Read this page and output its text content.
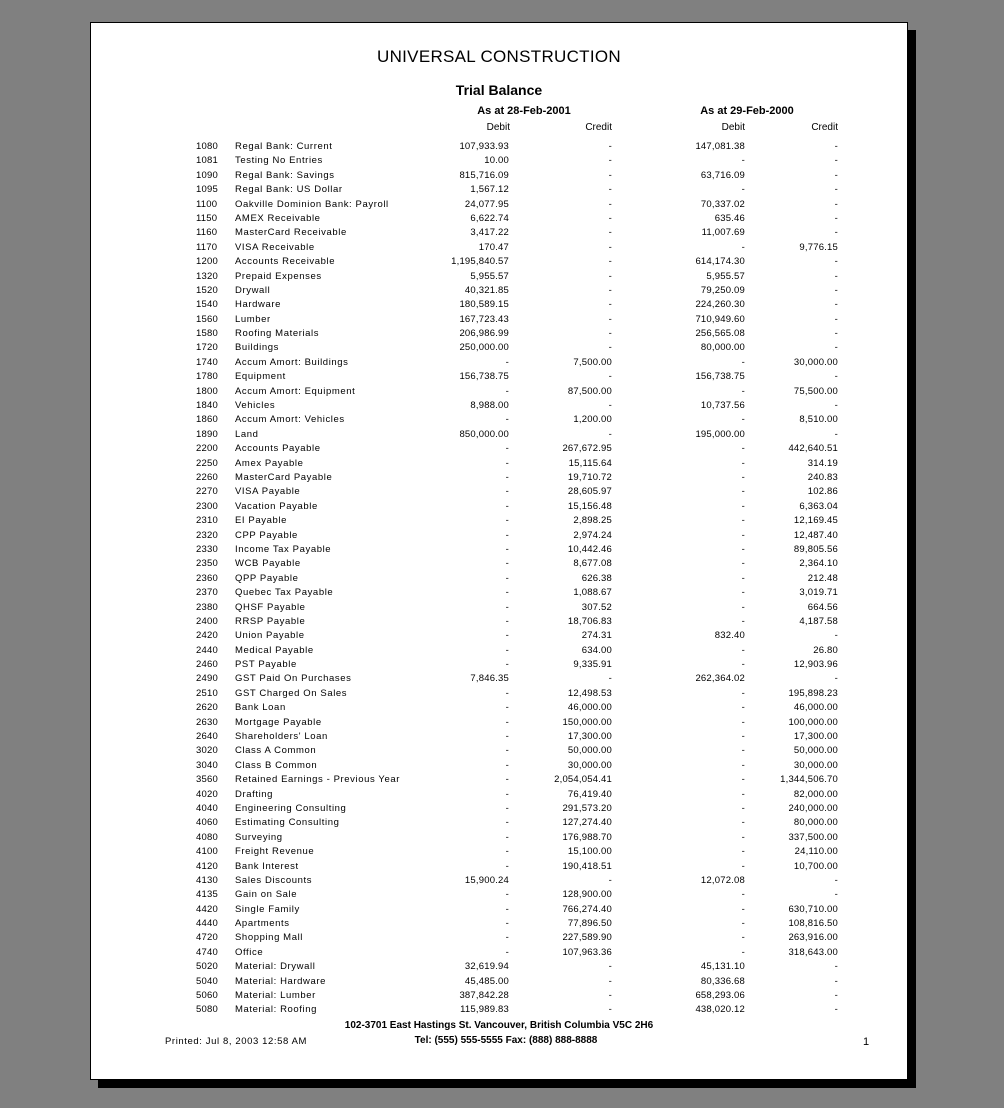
UNIVERSAL CONSTRUCTION
Trial Balance
As at 28-Feb-2001	As at 29-Feb-2000
Debit	Credit	Debit	Credit
1080	Regal Bank: Current	107,933.93	-	147,081.38	-
1081	Testing No Entries	10.00	-	-	-
1090	Regal Bank: Savings	815,716.09	-	63,716.09	-
1095	Regal Bank: US Dollar	1,567.12	-	-	-
1100	Oakville Dominion Bank: Payroll	24,077.95	-	70,337.02	-
1150	AMEX Receivable	6,622.74	-	635.46	-
1160	MasterCard Receivable	3,417.22	-	11,007.69	-
1170	VISA Receivable	170.47	-	-	9,776.15
1200	Accounts Receivable	1,195,840.57	-	614,174.30	-
1320	Prepaid Expenses	5,955.57	-	5,955.57	-
1520	Drywall	40,321.85	-	79,250.09	-
1540	Hardware	180,589.15	-	224,260.30	-
1560	Lumber	167,723.43	-	710,949.60	-
1580	Roofing Materials	206,986.99	-	256,565.08	-
1720	Buildings	250,000.00	-	80,000.00	-
1740	Accum Amort: Buildings	-	7,500.00	-	30,000.00
1780	Equipment	156,738.75	-	156,738.75	-
1800	Accum Amort: Equipment	-	87,500.00	-	75,500.00
1840	Vehicles	8,988.00	-	10,737.56	-
1860	Accum Amort: Vehicles	-	1,200.00	-	8,510.00
1890	Land	850,000.00	-	195,000.00	-
2200	Accounts Payable	-	267,672.95	-	442,640.51
2250	Amex Payable	-	15,115.64	-	314.19
2260	MasterCard Payable	-	19,710.72	-	240.83
2270	VISA Payable	-	28,605.97	-	102.86
2300	Vacation Payable	-	15,156.48	-	6,363.04
2310	EI Payable	-	2,898.25	-	12,169.45
2320	CPP Payable	-	2,974.24	-	12,487.40
2330	Income Tax Payable	-	10,442.46	-	89,805.56
2350	WCB Payable	-	8,677.08	-	2,364.10
2360	QPP Payable	-	626.38	-	212.48
2370	Quebec Tax Payable	-	1,088.67	-	3,019.71
2380	QHSF Payable	-	307.52	-	664.56
2400	RRSP Payable	-	18,706.83	-	4,187.58
2420	Union Payable	-	274.31	832.40	-
2440	Medical Payable	-	634.00	-	26.80
2460	PST Payable	-	9,335.91	-	12,903.96
2490	GST Paid On Purchases	7,846.35	-	262,364.02	-
2510	GST Charged On Sales	-	12,498.53	-	195,898.23
2620	Bank Loan	-	46,000.00	-	46,000.00
2630	Mortgage Payable	-	150,000.00	-	100,000.00
2640	Shareholders' Loan	-	17,300.00	-	17,300.00
3020	Class A Common	-	50,000.00	-	50,000.00
3040	Class B Common	-	30,000.00	-	30,000.00
3560	Retained Earnings - Previous Year	-	2,054,054.41	-	1,344,506.70
4020	Drafting	-	76,419.40	-	82,000.00
4040	Engineering Consulting	-	291,573.20	-	240,000.00
4060	Estimating Consulting	-	127,274.40	-	80,000.00
4080	Surveying	-	176,988.70	-	337,500.00
4100	Freight Revenue	-	15,100.00	-	24,110.00
4120	Bank Interest	-	190,418.51	-	10,700.00
4130	Sales Discounts	15,900.24	-	12,072.08	-
4135	Gain on Sale	-	128,900.00	-	-
4420	Single Family	-	766,274.40	-	630,710.00
4440	Apartments	-	77,896.50	-	108,816.50
4720	Shopping Mall	-	227,589.90	-	263,916.00
4740	Office	-	107,963.36	-	318,643.00
5020	Material: Drywall	32,619.94	-	45,131.10	-
5040	Material: Hardware	45,485.00	-	80,336.68	-
5060	Material: Lumber	387,842.28	-	658,293.06	-
5080	Material: Roofing	115,989.83	-	438,020.12	-
102-3701 East Hastings St. Vancouver, British Columbia V5C 2H6
Printed: Jul 8, 2003 12:58 AM	Tel: (555) 555-5555 Fax: (888) 888-8888	1
